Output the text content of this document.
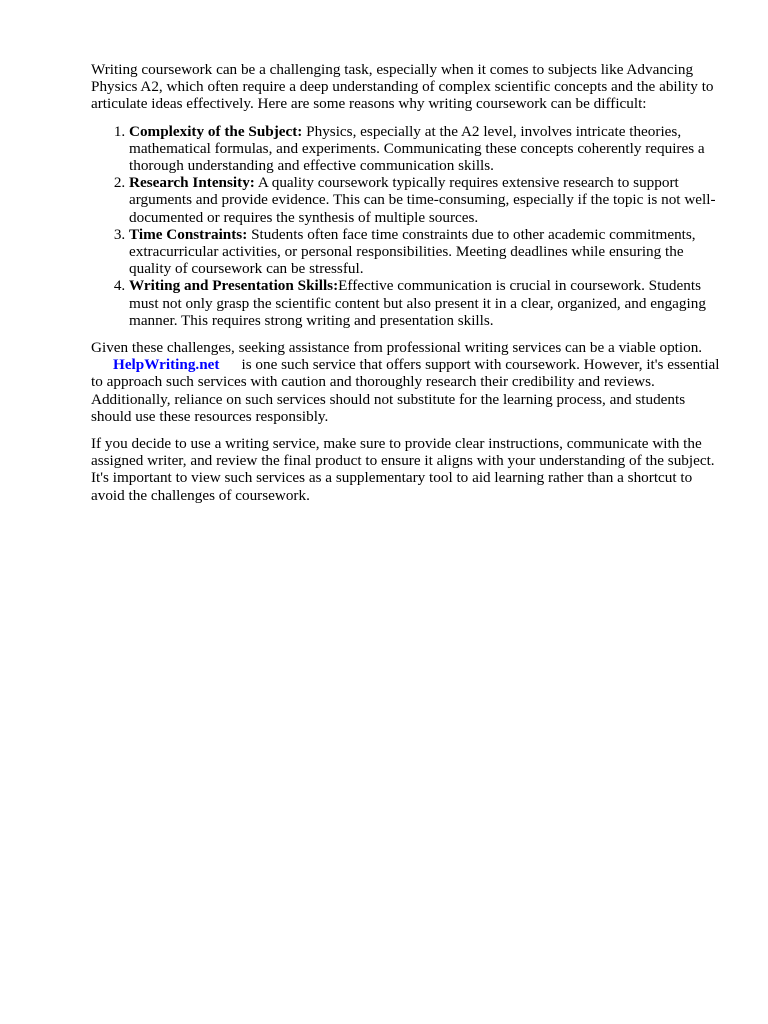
Writing coursework can be a challenging task, especially when it comes to subjects like Advancing Physics A2, which often require a deep understanding of complex scientific concepts and the ability to articulate ideas effectively. Here are some reasons why writing coursework can be difficult:

1. Complexity of the Subject: Physics, especially at the A2 level, involves intricate theories, mathematical formulas, and experiments. Communicating these concepts coherently requires a thorough understanding and effective communication skills.
2. Research Intensity: A quality coursework typically requires extensive research to support arguments and provide evidence. This can be time-consuming, especially if the topic is not well-documented or requires the synthesis of multiple sources.
3. Time Constraints: Students often face time constraints due to other academic commitments, extracurricular activities, or personal responsibilities. Meeting deadlines while ensuring the quality of coursework can be stressful.
4. Writing and Presentation Skills:Effective communication is crucial in coursework. Students must not only grasp the scientific content but also present it in a clear, organized, and engaging manner. This requires strong writing and presentation skills.

Given these challenges, seeking assistance from professional writing services can be a viable option.
HelpWriting.net is one such service that offers support with coursework. However, it's essential to approach such services with caution and thoroughly research their credibility and reviews. Additionally, reliance on such services should not substitute for the learning process, and students should use these resources responsibly.

If you decide to use a writing service, make sure to provide clear instructions, communicate with the assigned writer, and review the final product to ensure it aligns with your understanding of the subject. It's important to view such services as a supplementary tool to aid learning rather than a shortcut to avoid the challenges of coursework.
